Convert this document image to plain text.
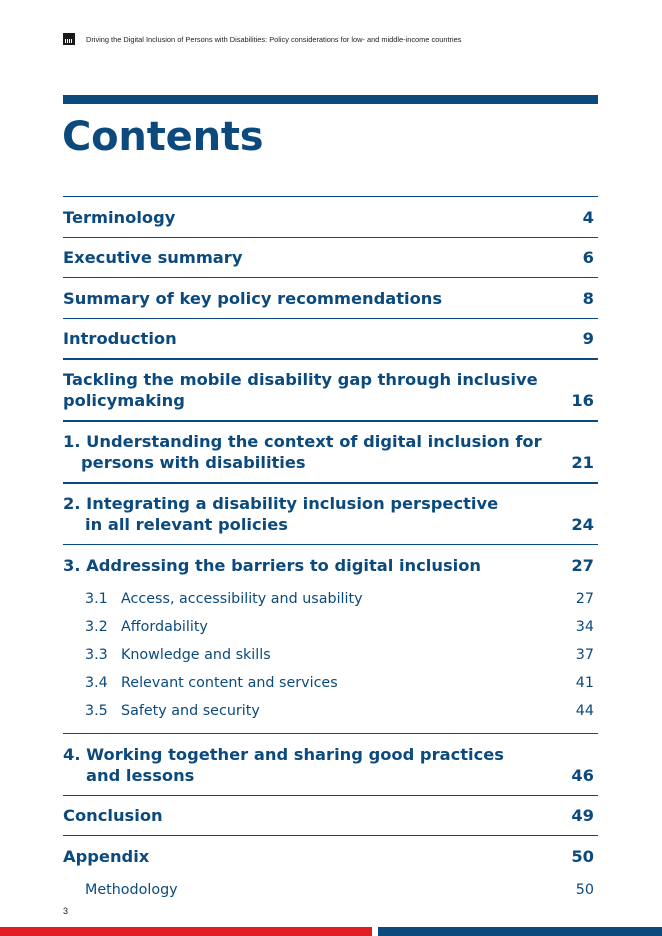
Driving the Digital Inclusion of Persons with Disabilities: Policy considerations for low- and middle-income countries
Contents
Terminology	4
Executive summary	6
Summary of key policy recommendations	8
Introduction	9
Tackling the mobile disability gap through inclusive
policymaking	16
1. Understanding the context of digital inclusion for
persons with disabilities	21
2. Integrating a disability inclusion perspective
in all relevant policies	24
3. Addressing the barriers to digital inclusion	27
3.1 Access, accessibility and usability	27
3.2 Affordability	34
3.3 Knowledge and skills	37
3.4 Relevant content and services	41
3.5 Safety and security	44
4. Working together and sharing good practices
and lessons	46
Conclusion	49
Appendix	50
Methodology	50
3
